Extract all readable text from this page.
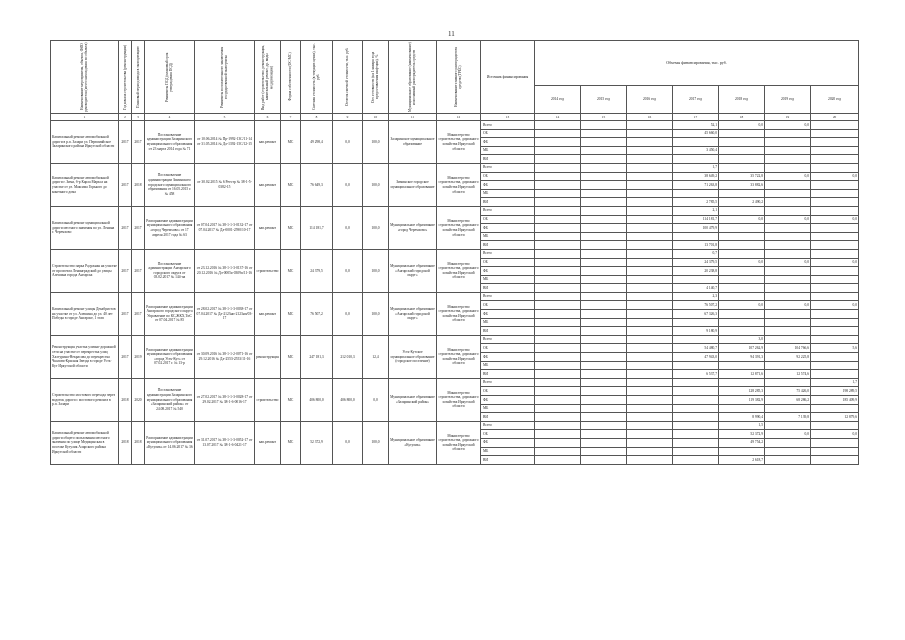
11
Наименование мероприятия, объекта, ФИО руководителя (место нахождения по объекта)	Год начала строительства (реконструкции)	Плановый период ввода в эксплуатацию	Реквизиты ПСД (плановый срок утверждения ПСД)	Реквизиты положительного заключения государственной экспертизы	Вид работ (строительство, реконструкция, капитальный ремонт, др. виды модернизации)	Форма собственности (ОС/МС)	Сметная стоимость (в текущих ценах), тыс. руб.	Остаток сметной стоимости, тыс. руб.	Ост. готовности (на 1 января года предоставления инф-ции), %	Муниципальное образование (наименование) или главный распорядитель средств	Наименование главного распорядителя средств (ГРБС)	Источник финансирования	Объемы финансирования, тыс. руб.						
													2014 год	2015 год	2016 год	2017 год	2018 год	2019 год	2020 год
1	2	3	4	5	6	7	8	9	10	11	12	13	14	15	16	17	18	19	20
Капитальный ремонт автомобильной дороги в р.п. Залари ул. Первомайское Заларинского района Иркутской области	2017	2017	Постановление администрации Заларинского муниципального образования от 23 марта 2014 года № 71	от 10.06.2014 № Пр-1992-13С/11-14 от 31.05.2014 № Дл-1392-15С/12-15	кап.ремонт	МС	49 298,4	0,0	100,0	Заларинское муниципальное образование	Министерство строительства, дорожного хозяйства Иркутской области	Всего				52,1	0,0	0,0	
												ОБ				45 660,0			
												ФБ							
												МБ				3 450,4			
												ВИ							
Капитальный ремонт автомобильной дороги г. Зима, б-р Карла Маркса на участке от ул. Максима Горького до конечного дома	2017	2018	Постановление администрации Зиминского городского муниципального образования от 16.05.2015 г. № 458	от 30.02.2015 № 6 Реестр № 38-1-5-0382-15	кап.ремонт	МС	76 649,3	0,0	100,0	Зиминское городское муниципальное образование	Министерство строительства, дорожного хозяйства Иркутской области	Всего				1,7			
												ОБ				38 649,2	35 722,8	0,0	0,0
												ФБ				71 263,8	33 882,6		
												МБ							
												ВИ				2 785,5	2 490,2		
Капитальный ремонт муниципальной дороги местного значения по ул. Ленина г. Черемхово	2017	2017	Распоряжение администрации муниципального образования «город Черемхово» от 17 апреля 2017 года № 63	от 07.04.2017 № 38-1-1-3-0132-17 от 07.04.2017 № Дл-0001-2590/10-17	кап.ремонт	МС	114 181,7	0,0	100,0	Муниципальное образование «город Черемхово»	Министерство строительства, дорожного хозяйства Иркутской области	Всего				2,1			
												ОБ				114 181,7	0,0	0,0	0,0
												ФБ				100 479,9			
												МБ							
												ВИ				13 701,8			
Строительство парка Радужная на участке от проспекта Ленинградский до улицы Алешина города Ангарска	2017	2017	Постановление администрации Ангарского городского округа от 03.02.2017 № 144-па	от 23.12.2016 № 38-1-1-3-0137-16 от 20.12.2016 № Дл-0005а-0309п/11-16	строительство	МС	24 379,5	0,0	100,0	Муниципальное образование «Ангарский городской округ»	Министерство строительства, дорожного хозяйства Иркутской области	Всего				0,7			
												ОБ				24 379,5	0,0	0,0	0,0
												ФБ				20 238,8			
												МБ							
												ВИ				4 140,7			
Капитальный ремонт улицы Декабристов на участке от ул. Алешина до ул. 40 лет Победы в городе Ангарске, 1 этап	2017	2017	Распоряжение администрации Ангарского городского округа Управление по КС,ЖКХ,ТиС от 07.04.2017 № 85	от 28.02.2017 № 38-1-1-3-0038-17 от 07.04.2017 № Дл-2123нп-2123нп/03-17	кап.ремонт	МС	76 507,2	0,0	100,0	Муниципальное образование «Ангарский городской округ»	Министерство строительства, дорожного хозяйства Иркутской области	Всего				2,3			
												ОБ				76 507,2	0,0	0,0	0,0
												ФБ				67 326,3			
												МБ							
												ВИ				9 180,9			
Реконструкция участка улично-дорожной сети на участке от перекрестка улиц Халтурина-Некрасова до перекрестка Чкалова-Красная Звезда в городе Усть-Кут Иркутской области	2017	2019	Распоряжение администрации муниципального образования «город Усть-Кут» от 07.02.2017 г. № 13-р	от 30.09.2016 № 38-1-1-2-0071-16 от 29.12.2016 № Дл-2553-2553/11-16	реконструкция	МС	247 181,3	212 010,3	12,4	Усть-Кутское муниципальное образование (городское поселение)	Министерство строительства, дорожного хозяйства Иркутской области	Всего					3,0		
												ОБ				54 480,7	107 262,9	104 766,6	5,6
												ФБ				47 943,0	94 391,3	92 225,8	
												МБ							
												ВИ				6 537,7	12 871,6	12 574,6	
Строительство мостового перехода через водоток дороги с мостового ремонта в р.п. Залари	2018	2020	Постановление администрации Заларинского муниципального образования «Заларинский район» от 24.08.2017 № 540	от 27.02.2017 № 38-1-1-3-0028-17 от 29.02.2017 № 38-1-6-0016-17	строительство	МС	406 800,0	406 800,0	0,0	Муниципальное образование «Заларинский район»	Министерство строительства, дорожного хозяйства Иркутской области	Всего							1,7
												ОБ					128 285,3	75 426,0	198 289,5
												ФБ					119 382,9	68 286,2	185 409,9
												МБ							
												ВИ					8 990,4	7 139,8	12 879,6
Капитальный ремонт автомобильной дороги общего пользования местного значения по улице Медицинская в поселке Кутулик Аларского района Иркутской области	2018	2018	Распоряжение администрации муниципального образования «Кутулик» от 14.06.2017 № 36	от 31.07.2017 № 38-1-1-3-0052-17 от 13.07.2017 № 38-1-6-0421-17	кап.ремонт	МС	52 372,9	0,0	100,0	Муниципальное образование «Кутулик»	Министерство строительства, дорожного хозяйства Иркутской области	Всего					1,5		
												ОБ					52 372,9	0,0	0,0
												ФБ					49 754,2		
												МБ							
												ВИ					2 618,7		
